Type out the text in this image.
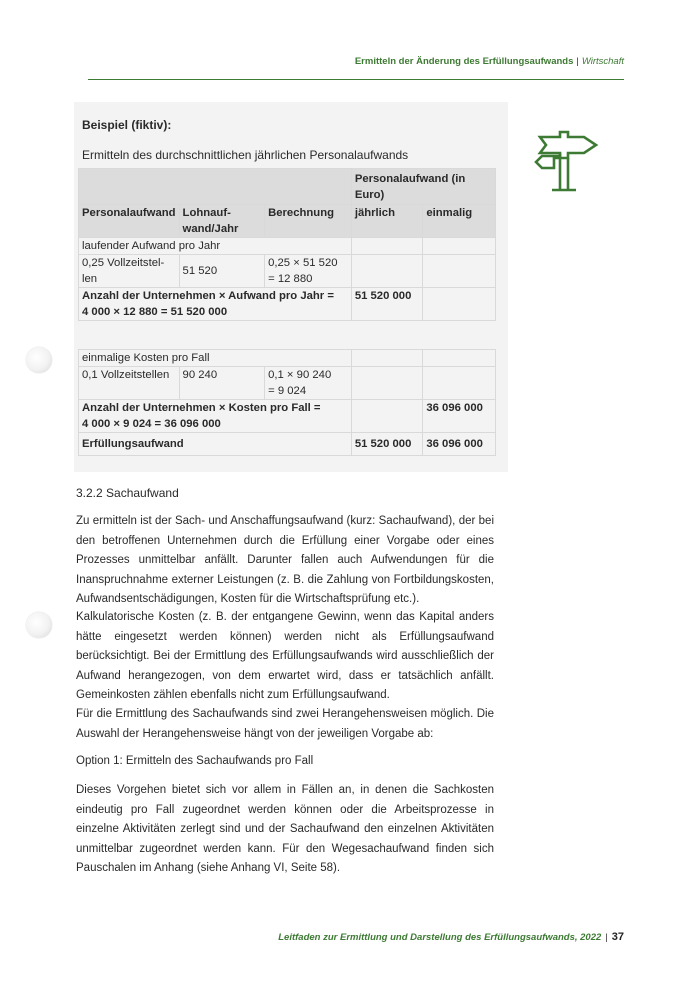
Ermitteln der Änderung des Erfüllungsaufwands | Wirtschaft
Beispiel (fiktiv):
Ermitteln des durchschnittlichen jährlichen Personalaufwands
			Personalaufwand (in Euro)	
Personalaufwand	Lohnauf-wand/Jahr	Berechnung	jährlich	einmalig
laufender Aufwand pro Jahr				
0,25 Vollzeitstel-len	51 520	0,25 × 51 520
= 12 880		

Anzahl der Unternehmen × Aufwand pro Jahr =
4 000 × 12 880 = 51 520 000			51 520 000	

einmalige Kosten pro Fall				
0,1 Vollzeitstellen	90 240	0,1 × 90 240
= 9 024		

Anzahl der Unternehmen × Kosten pro Fall =
4 000 × 9 024 = 36 096 000				36 096 000
Erfüllungsaufwand			51 520 000	36 096 000
3.2.2 Sachaufwand

Zu ermitteln ist der Sach- und Anschaffungsaufwand (kurz: Sachaufwand), der bei den betroffenen Unternehmen durch die Erfüllung einer Vorgabe oder eines Prozesses unmittelbar anfällt. Darunter fallen auch Aufwendungen für die Inanspruchnahme externer Leistungen (z. B. die Zahlung von Fortbildungskosten, Aufwandsentschädigungen, Kosten für die Wirtschaftsprüfung etc.).

Kalkulatorische Kosten (z. B. der entgangene Gewinn, wenn das Kapital anders hätte eingesetzt werden können) werden nicht als Erfüllungsaufwand berücksichtigt. Bei der Ermittlung des Erfüllungsaufwands wird ausschließlich der Aufwand herangezogen, von dem erwartet wird, dass er tatsächlich anfällt. Gemeinkosten zählen ebenfalls nicht zum Erfüllungsaufwand.

Für die Ermittlung des Sachaufwands sind zwei Herangehensweisen möglich. Die Auswahl der Herangehensweise hängt von der jeweiligen Vorgabe ab:

Option 1: Ermitteln des Sachaufwands pro Fall

Dieses Vorgehen bietet sich vor allem in Fällen an, in denen die Sachkosten eindeutig pro Fall zugeordnet werden können oder die Arbeitsprozesse in einzelne Aktivitäten zerlegt sind und der Sachaufwand den einzelnen Aktivitäten unmittelbar zugeordnet werden kann. Für den Wegesachaufwand finden sich Pauschalen im Anhang (siehe Anhang VI, Seite 58).

Leitfaden zur Ermittlung und Darstellung des Erfüllungsaufwands, 2022 | 37
